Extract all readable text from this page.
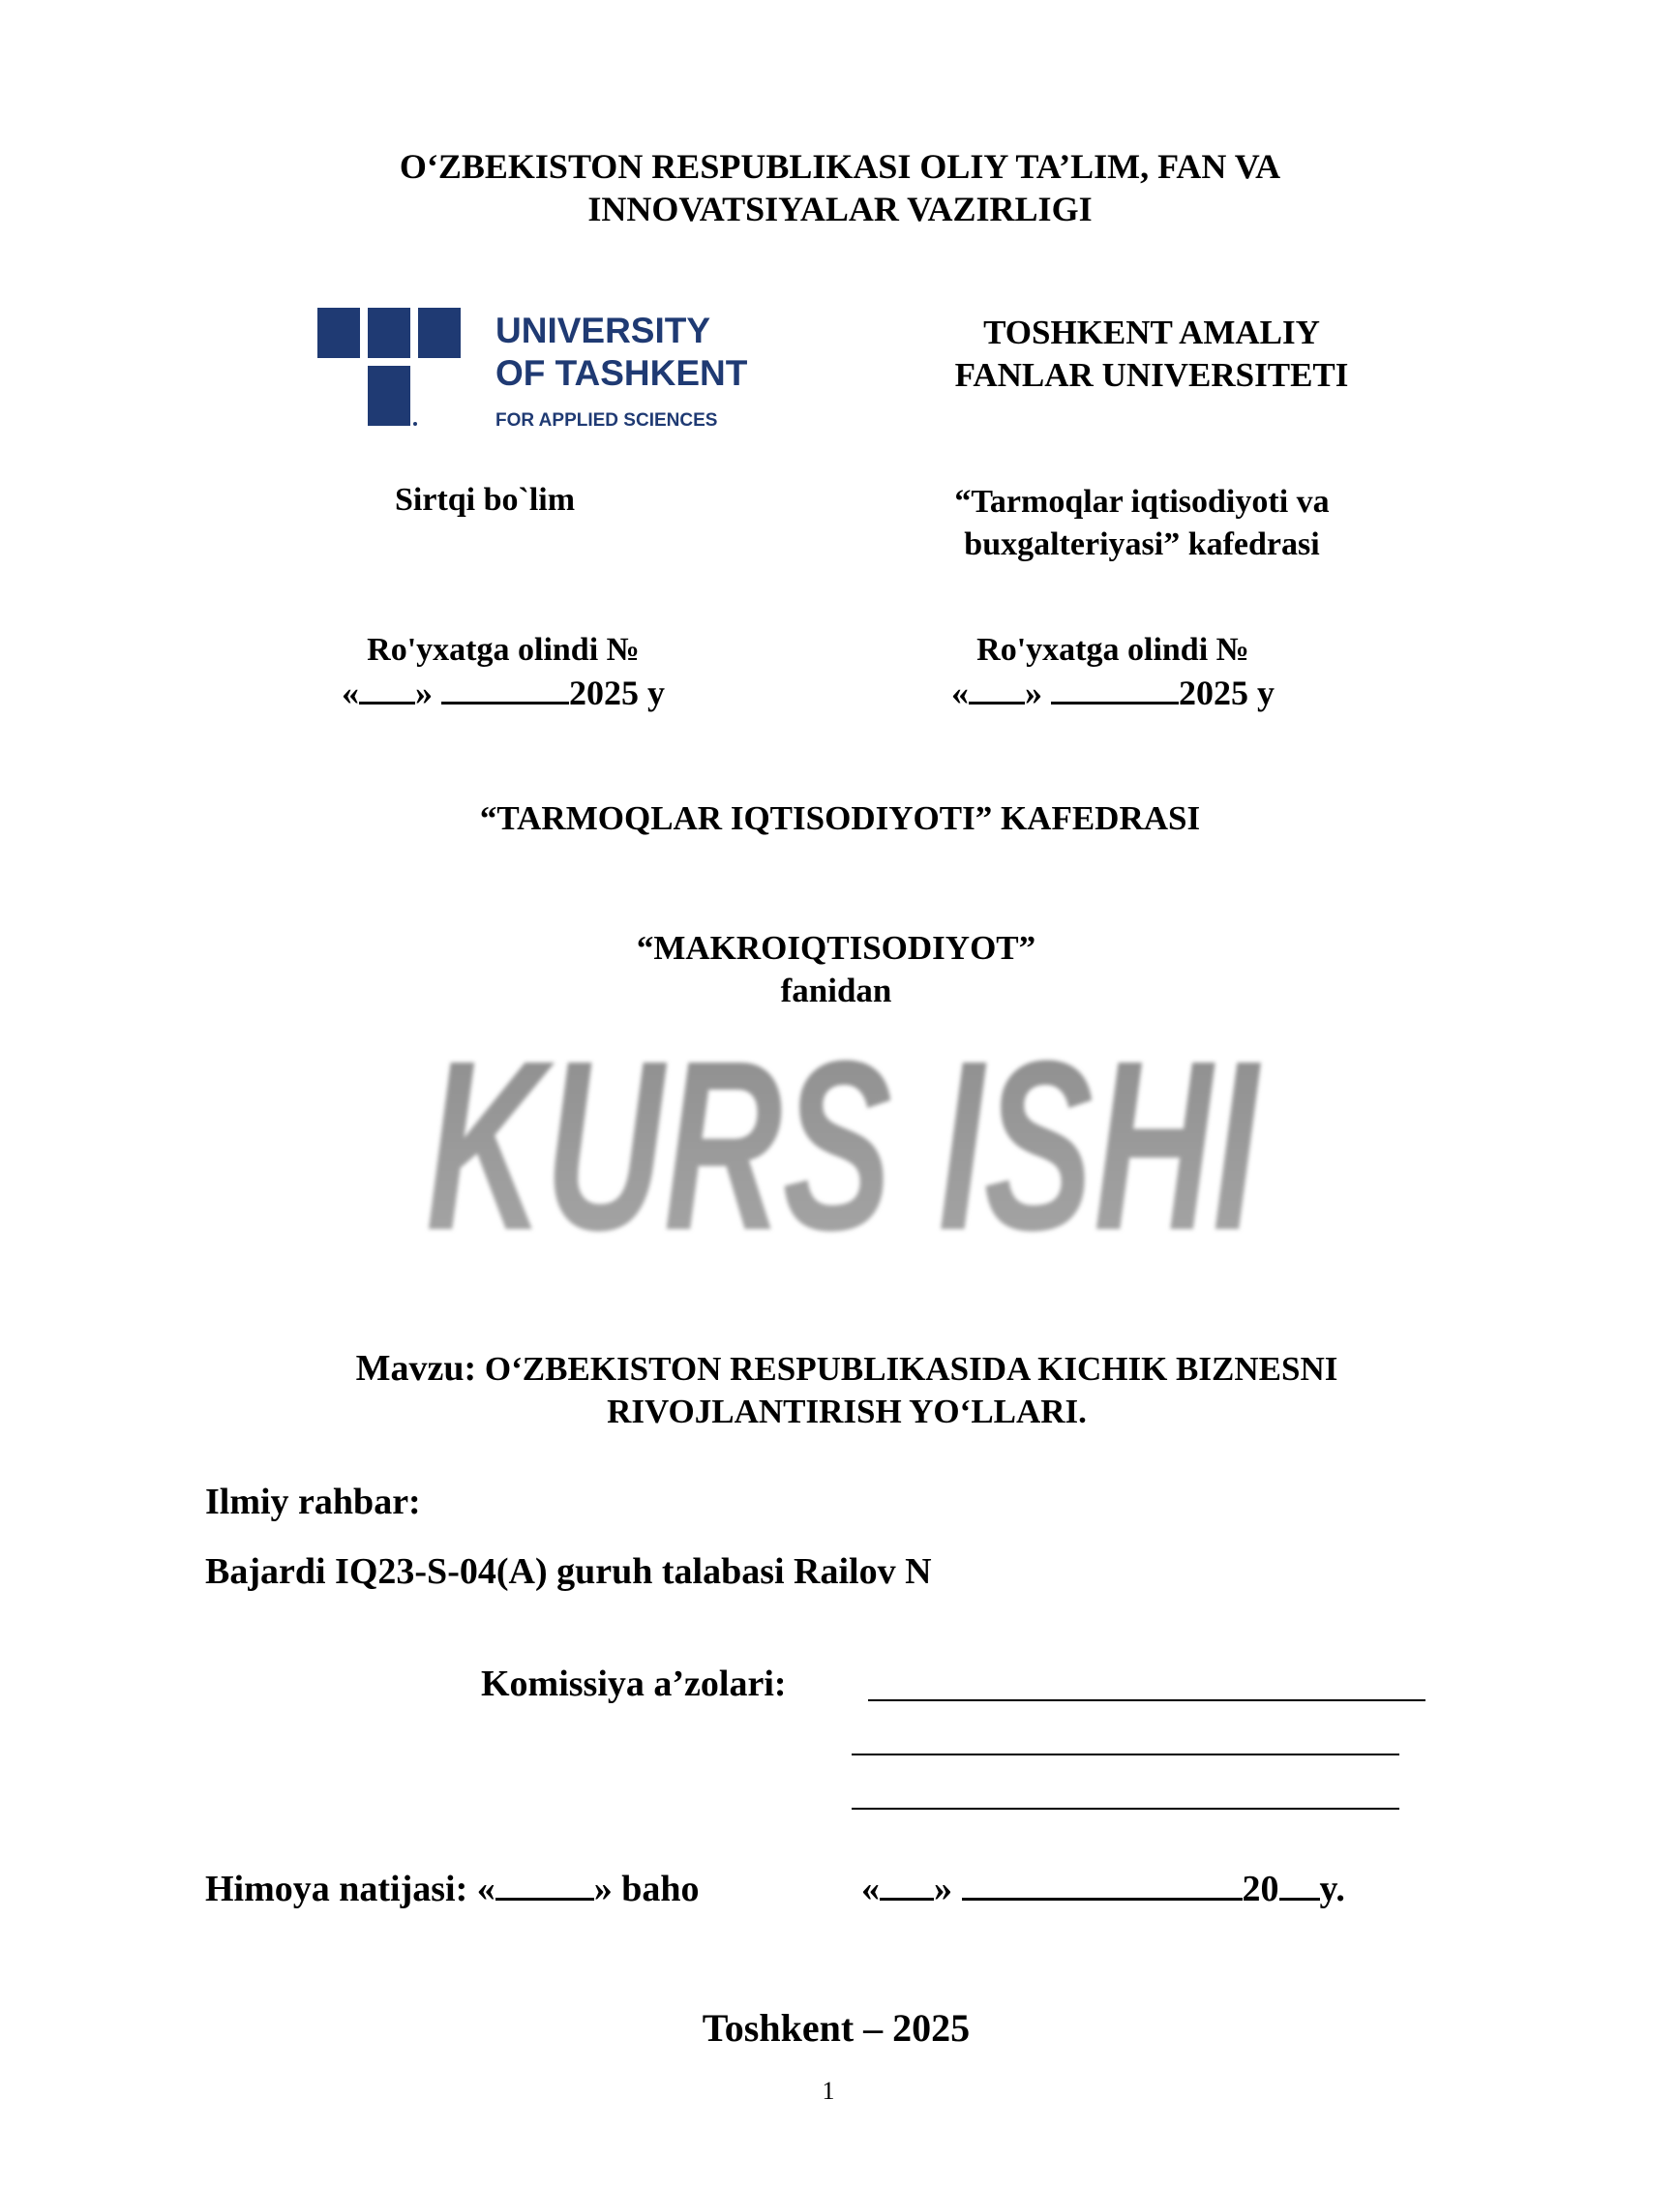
O‘ZBEKISTON RESPUBLIKASI OLIY TA’LIM, FAN VA
INNOVATSIYALAR VAZIRLIGI
UNIVERSITY
OF TASHKENT
FOR APPLIED SCIENCES
TOSHKENT AMALIY
FANLAR UNIVERSITETI
Sirtqi bo`lim	“Tarmoqlar iqtisodiyoti va
buxgalteriyasi” kafedrasi
Ro'yxatga olindi №
« »	2025 y
Ro'yxatga olindi №
« »	2025 y
“TARMOQLAR IQTISODIYOTI” KAFEDRASI
“MAKROIQTISODIYOT”
fanidan
KURS ISHI
Mavzu: O‘ZBEKISTON RESPUBLIKASIDA KICHIK BIZNESNI
RIVOJLANTIRISH YO‘LLARI.
Ilmiy rahbar:
Bajardi IQ23-S-04(A) guruh talabasi Railov N
Komissiya a’zolari:
Himoya natijasi: «	» baho	« »	20 y.
Toshkent – 2025
1
